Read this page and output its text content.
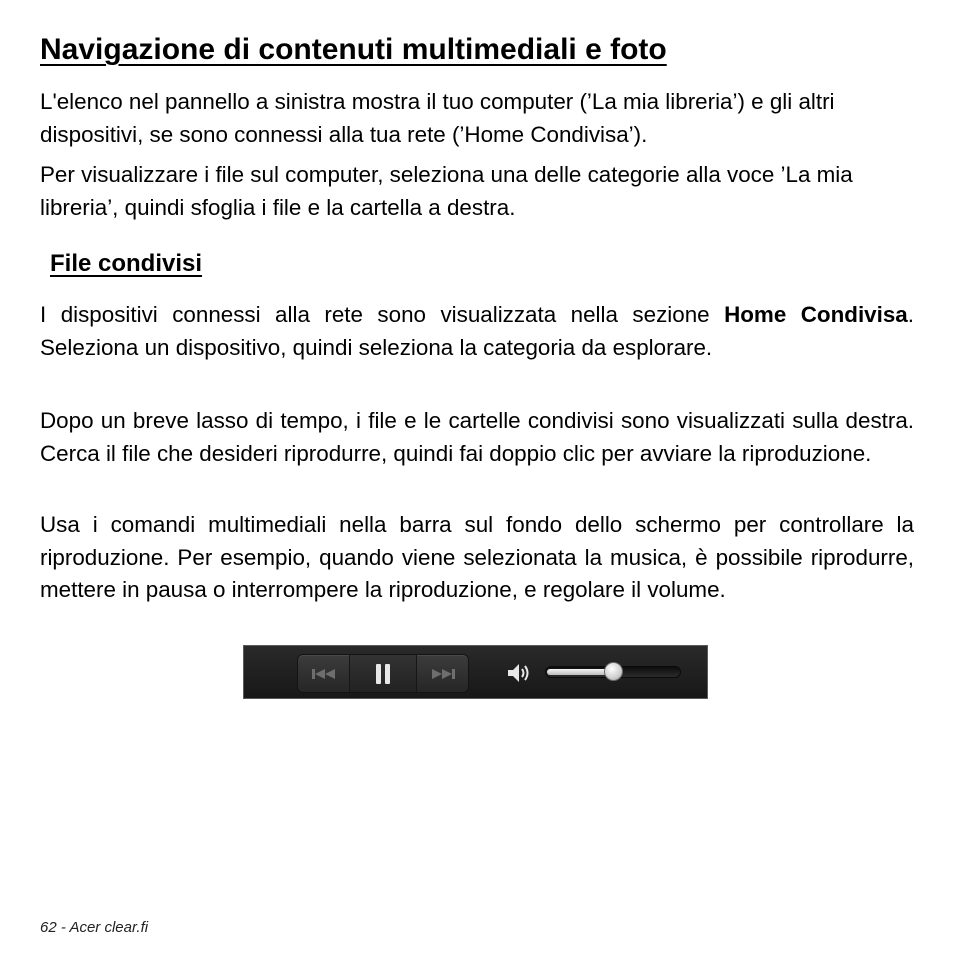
Navigazione di contenuti multimediali e foto

L'elenco nel pannello a sinistra mostra il tuo computer (’La mia libreria’) e gli altri dispositivi, se sono connessi alla tua rete (’Home Condivisa’).

Per visualizzare i file sul computer, seleziona una delle categorie alla voce ’La mia libreria’, quindi sfoglia i file e la cartella a destra.

File condivisi

I dispositivi connessi alla rete sono visualizzata nella sezione Home Condivisa. Seleziona un dispositivo, quindi seleziona la categoria da esplorare.

Dopo un breve lasso di tempo, i file e le cartelle condivisi sono visualizzati sulla destra. Cerca il file che desideri riprodurre, quindi fai doppio clic per avviare la riproduzione.

Usa i comandi multimediali nella barra sul fondo dello schermo per controllare la riproduzione. Per esempio, quando viene selezionata la musica, è possibile riprodurre, mettere in pausa o interrompere la riproduzione, e regolare il volume.

62 - Acer clear.fi
